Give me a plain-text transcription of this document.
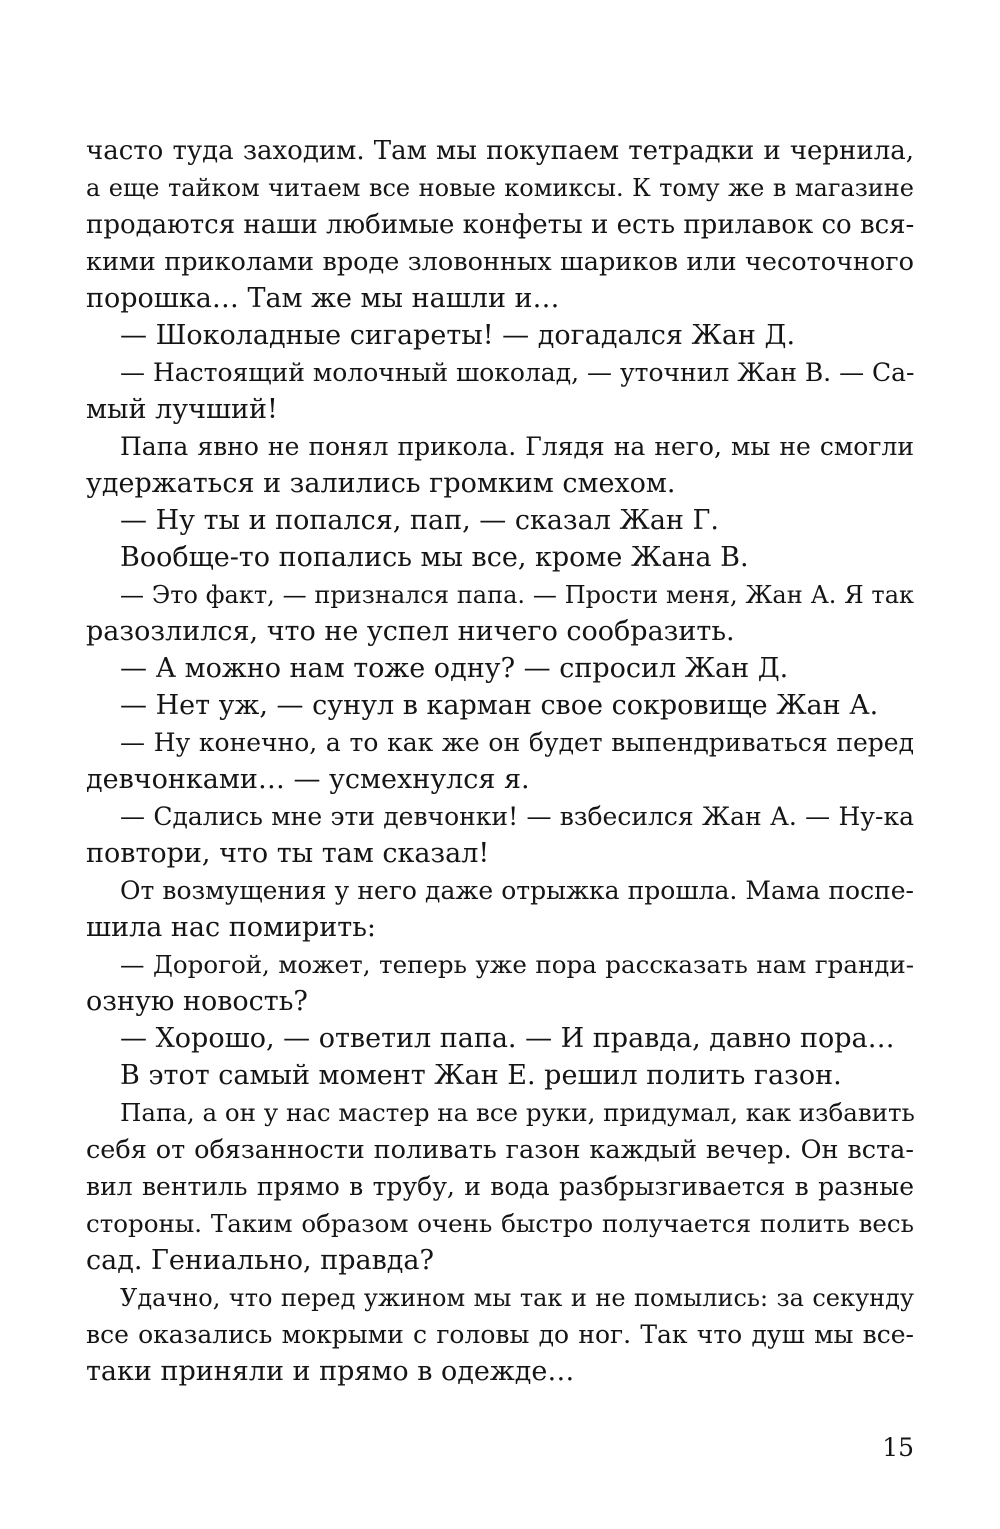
часто туда заходим. Там мы покупаем тетрадки и чернила,
а еще тайком читаем все новые комиксы. К тому же в магазине
продаются наши любимые конфеты и есть прилавок со вся-
кими приколами вроде зловонных шариков или чесоточного
порошка… Там же мы нашли и…
— Шоколадные сигареты! — догадался Жан Д.
— Настоящий молочный шоколад, — уточнил Жан В. — Са-
мый лучший!
Папа явно не понял прикола. Глядя на него, мы не смогли
удержаться и залились громким смехом.
— Ну ты и попался, пап, — сказал Жан Г.
Вообще-то попались мы все, кроме Жана В.
— Это факт, — признался папа. — Прости меня, Жан А. Я так
разозлился, что не успел ничего сообразить.
— А можно нам тоже одну? — спросил Жан Д.
— Нет уж, — сунул в карман свое сокровище Жан А.
— Ну конечно, а то как же он будет выпендриваться перед
девчонками… — усмехнулся я.
— Сдались мне эти девчонки! — взбесился Жан А. — Ну-ка
повтори, что ты там сказал!
От возмущения у него даже отрыжка прошла. Мама поспе-
шила нас помирить:
— Дорогой, может, теперь уже пора рассказать нам гранди-
озную новость?
— Хорошо, — ответил папа. — И правда, давно пора…
В этот самый момент Жан Е. решил полить газон.
Папа, а он у нас мастер на все руки, придумал, как избавить
себя от обязанности поливать газон каждый вечер. Он вста-
вил вентиль прямо в трубу, и вода разбрызгивается в разные
стороны. Таким образом очень быстро получается полить весь
сад. Гениально, правда?
Удачно, что перед ужином мы так и не помылись: за секунду
все оказались мокрыми с головы до ног. Так что душ мы все-
таки приняли и прямо в одежде…
15
